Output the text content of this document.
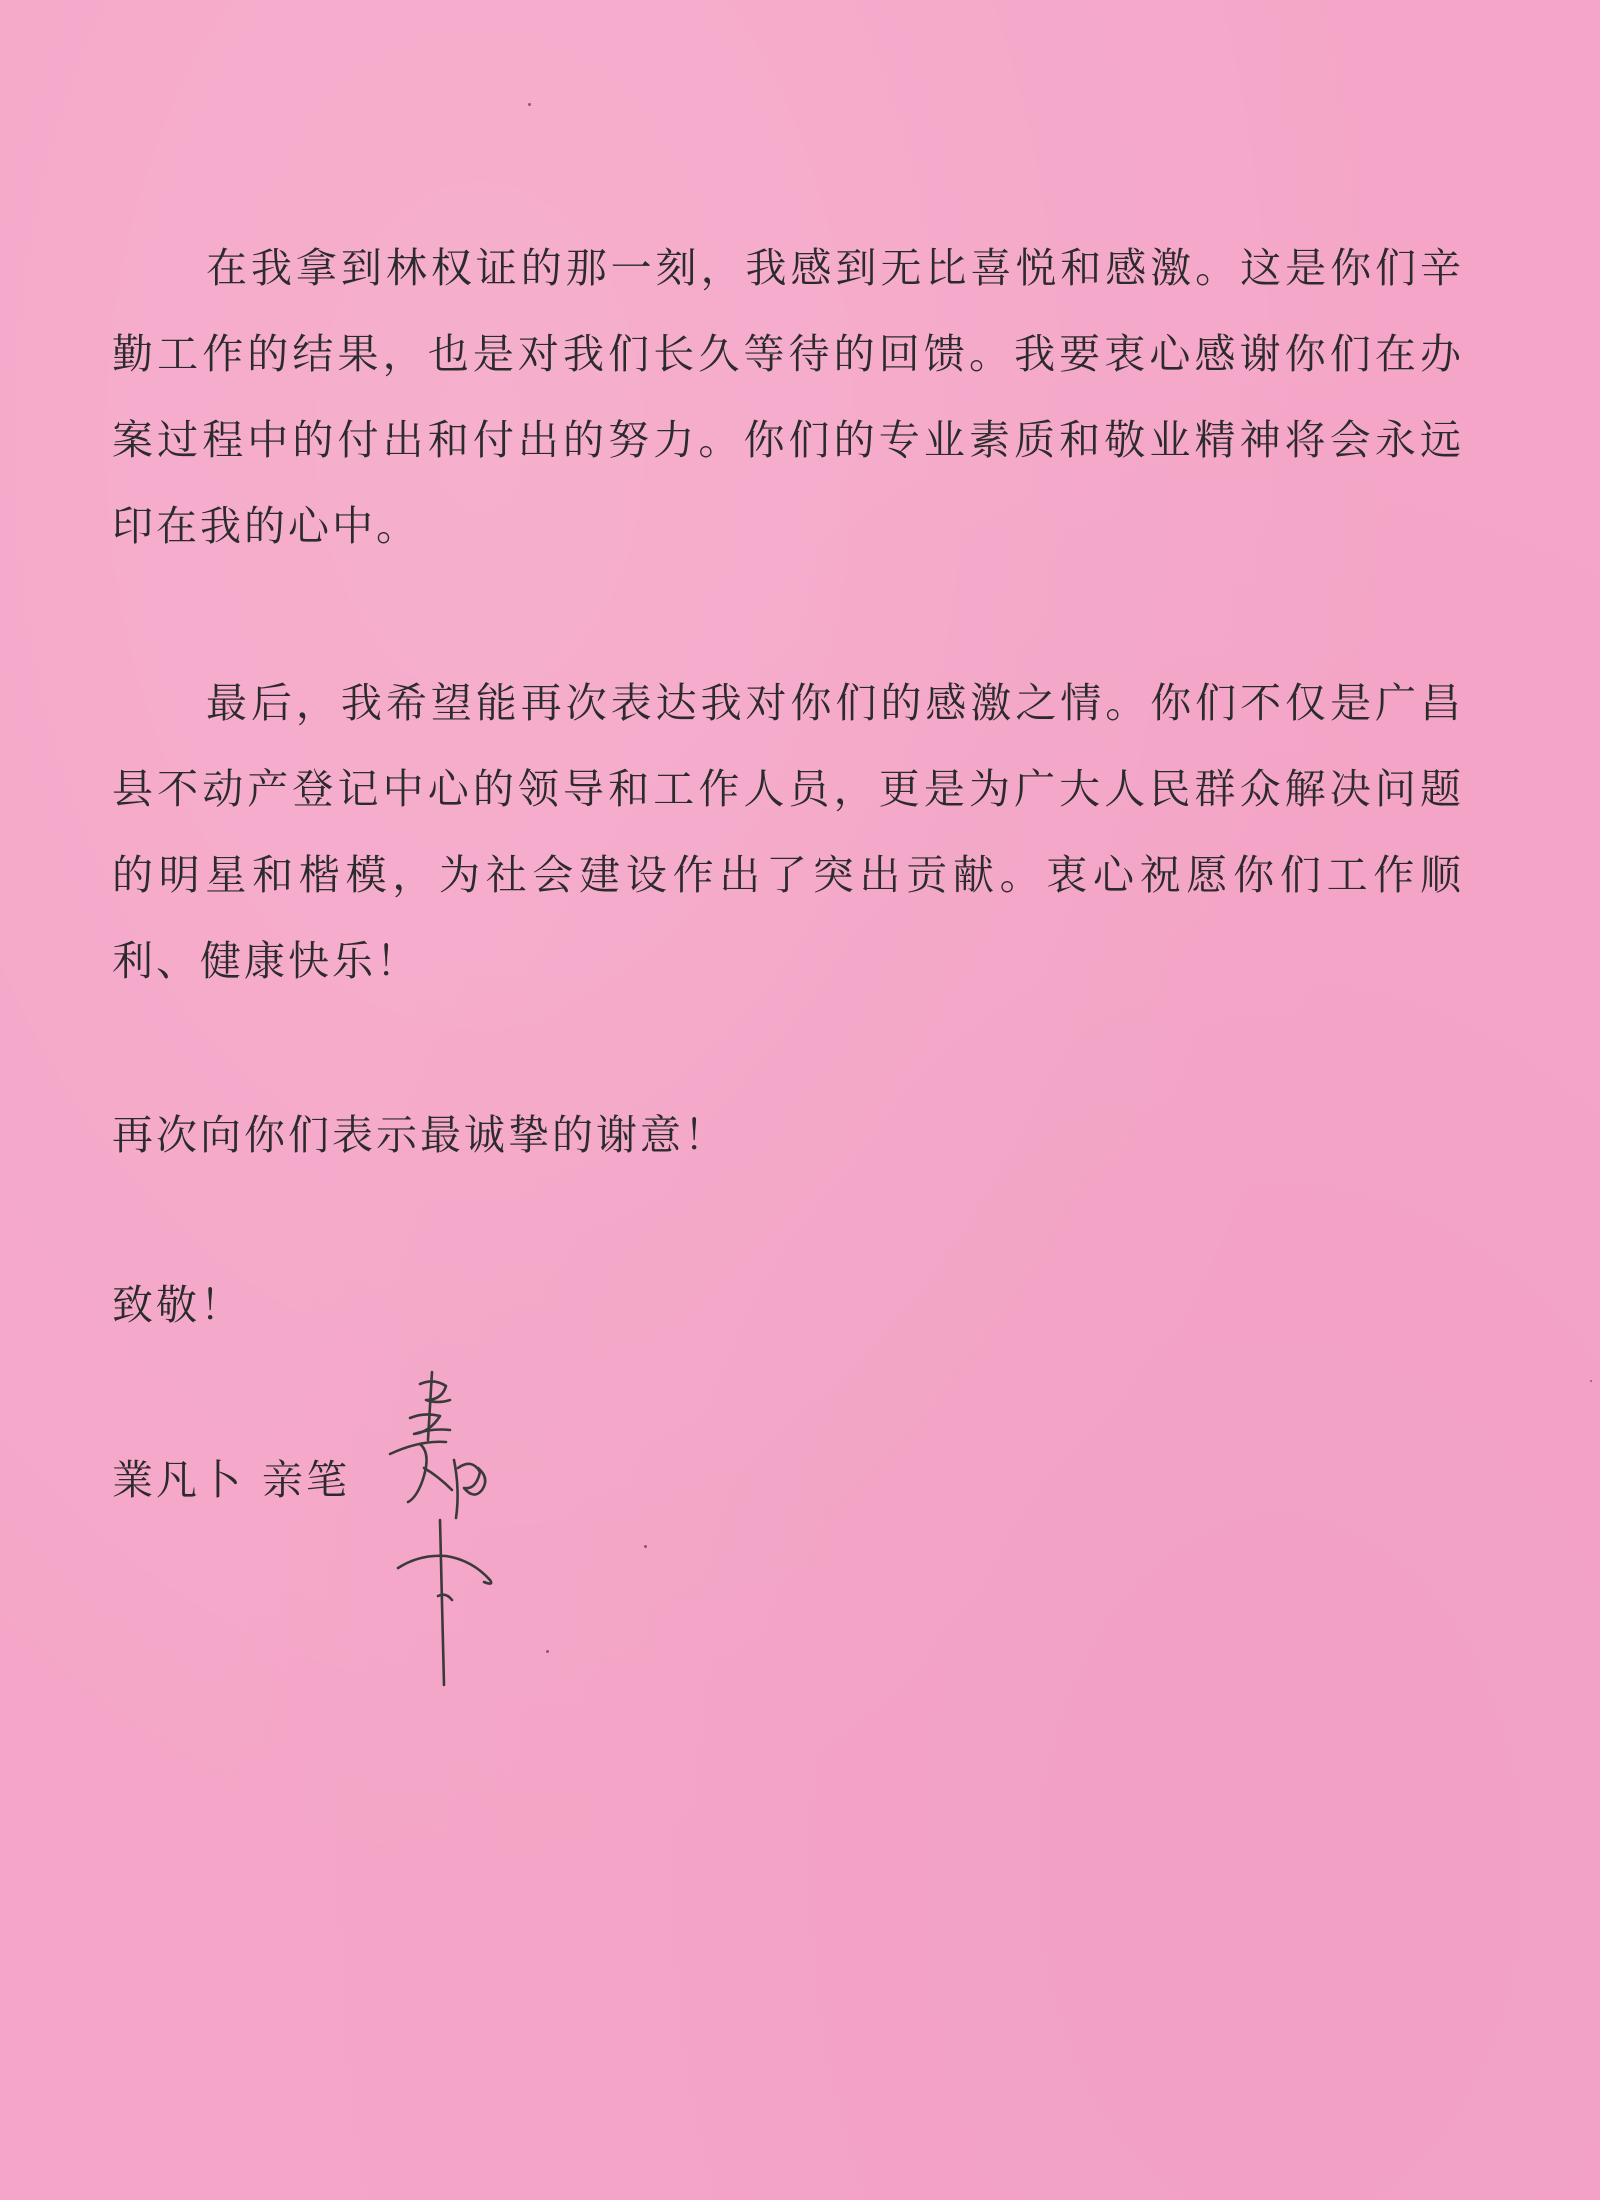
在我拿到林权证的那一刻，我感到无比喜悦和感激。这是你们辛勤工作的结果，也是对我们长久等待的回馈。我要衷心感谢你们在办案过程中的付出和付出的努力。你们的专业素质和敬业精神将会永远印在我的心中。

最后，我希望能再次表达我对你们的感激之情。你们不仅是广昌县不动产登记中心的领导和工作人员，更是为广大人民群众解决问题的明星和楷模，为社会建设作出了突出贡献。衷心祝愿你们工作顺利、健康快乐！

再次向你们表示最诚挚的谢意！

致敬！

業凡卜 亲笔
